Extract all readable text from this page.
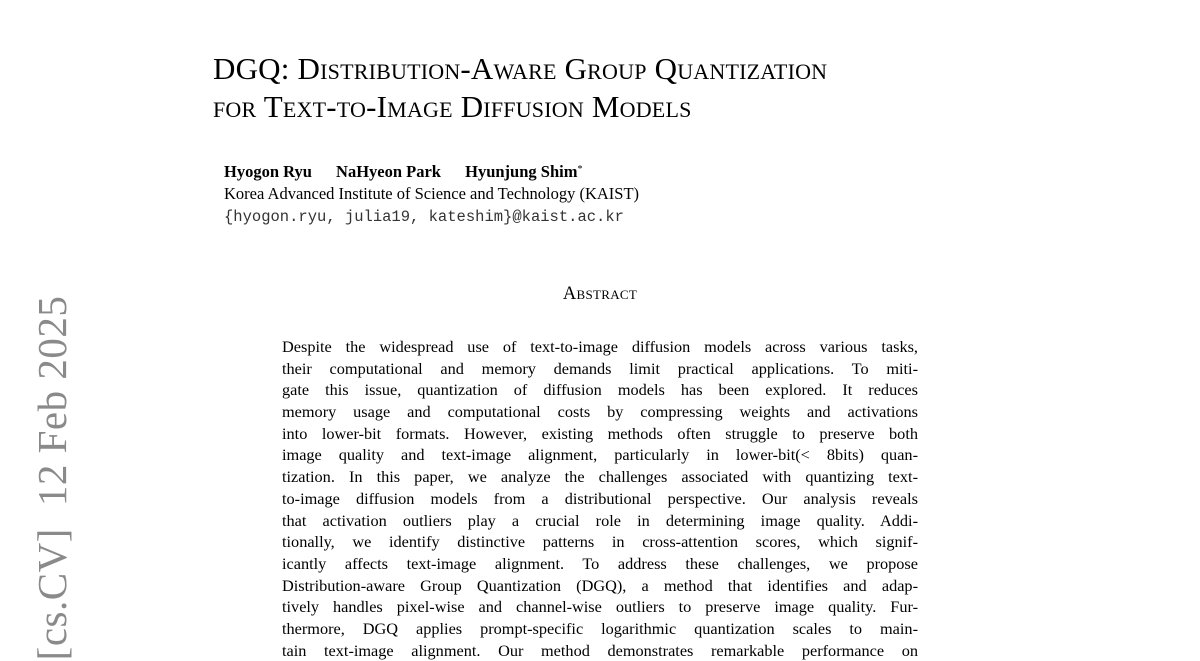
[cs.CV]12 Feb 2025
DGQ: Distribution-Aware Group Quantization
for Text-to-Image Diffusion Models
Hyogon Ryu NaHyeon Park Hyunjung Shim*
Korea Advanced Institute of Science and Technology (KAIST)
{hyogon.ryu, julia19, kateshim}@kaist.ac.kr
Abstract
Despite the widespread use of text-to-image diffusion models across various tasks,
their computational and memory demands limit practical applications. To miti-
gate this issue, quantization of diffusion models has been explored. It reduces
memory usage and computational costs by compressing weights and activations
into lower-bit formats. However, existing methods often struggle to preserve both
image quality and text-image alignment, particularly in lower-bit(< 8bits) quan-
tization. In this paper, we analyze the challenges associated with quantizing text-
to-image diffusion models from a distributional perspective. Our analysis reveals
that activation outliers play a crucial role in determining image quality. Addi-
tionally, we identify distinctive patterns in cross-attention scores, which signif-
icantly affects text-image alignment. To address these challenges, we propose
Distribution-aware Group Quantization (DGQ), a method that identifies and adap-
tively handles pixel-wise and channel-wise outliers to preserve image quality. Fur-
thermore, DGQ applies prompt-specific logarithmic quantization scales to main-
tain text-image alignment. Our method demonstrates remarkable performance on
